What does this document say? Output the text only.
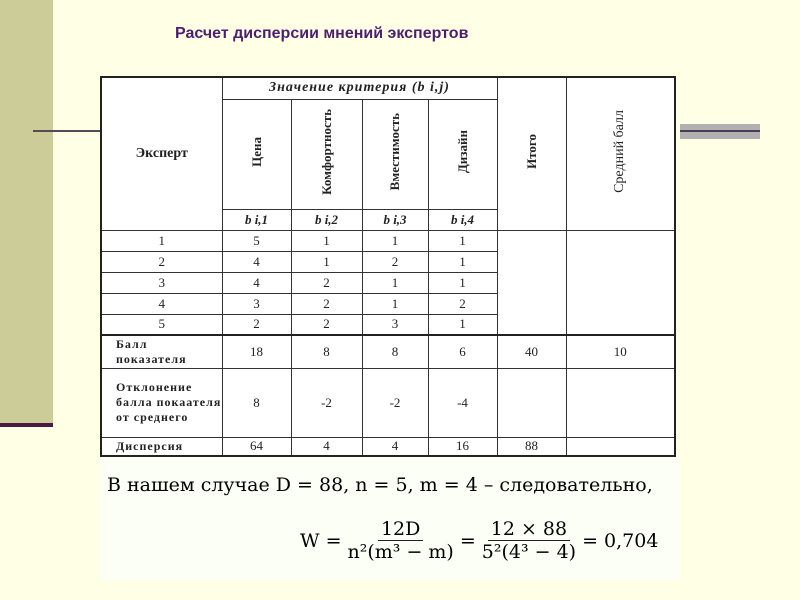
Расчет дисперсии мнений экспертов
Эксперт	Значение критерия (b i,j)				Итого	Средний балл
	Цена	Комфортность	Вместимость	Дизайн		
	b i,1	b i,2	b i,3	b i,4		
1	5	1	1	1		
2	4	1	2	1		
3	4	2	1	1		
4	3	2	1	2		
5	2	2	3	1		
Балл показателя	18	8	8	6	40	10
Отклонение балла покаателя от среднего	8	-2	-2	-4		
Дисперсия	64	4	4	16	88	
В нашем случае D = 88, n = 5, m = 4 – следовательно,
$W = \frac{12D}{\text{n²(m³ − m)}} = \frac{12 \times 88}{\text{5²(4³ − 4)}} = 0,704$
